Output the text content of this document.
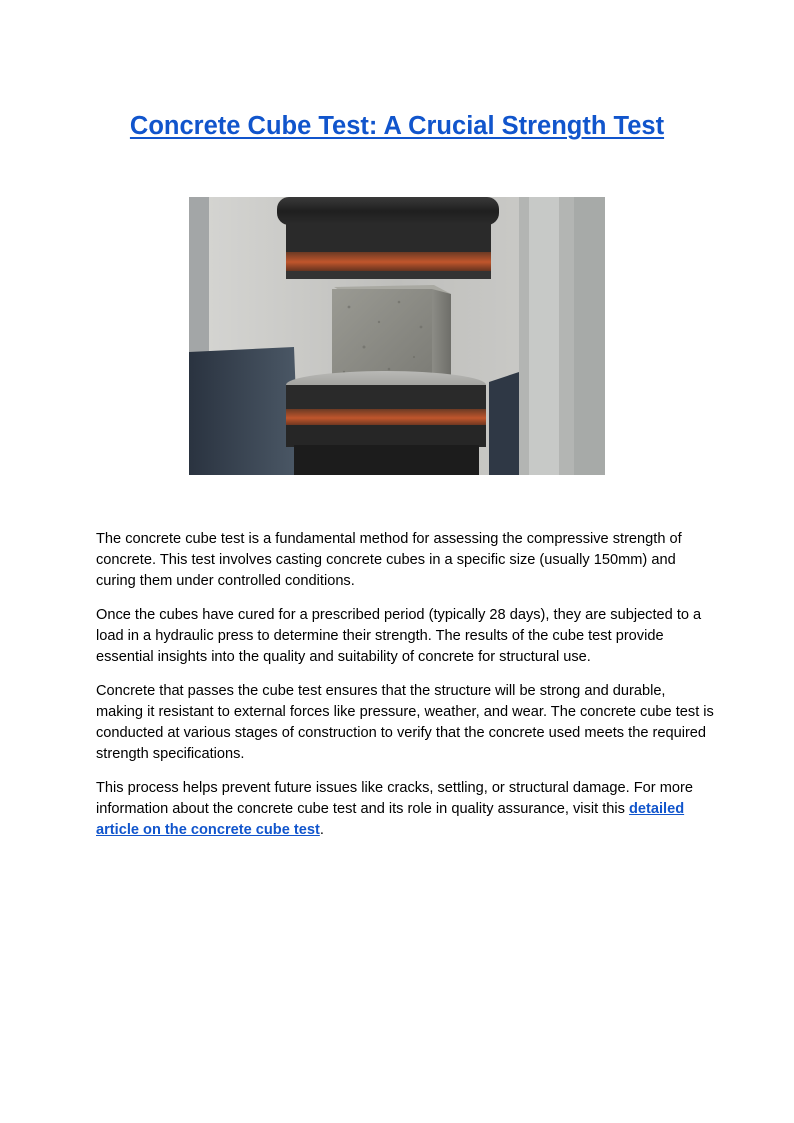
Concrete Cube Test: A Crucial Strength Test

The concrete cube test is a fundamental method for assessing the compressive strength of concrete. This test involves casting concrete cubes in a specific size (usually 150mm) and curing them under controlled conditions.

Once the cubes have cured for a prescribed period (typically 28 days), they are subjected to a load in a hydraulic press to determine their strength. The results of the cube test provide essential insights into the quality and suitability of concrete for structural use.

Concrete that passes the cube test ensures that the structure will be strong and durable, making it resistant to external forces like pressure, weather, and wear. The concrete cube test is conducted at various stages of construction to verify that the concrete used meets the required strength specifications.

This process helps prevent future issues like cracks, settling, or structural damage. For more information about the concrete cube test and its role in quality assurance, visit this detailed article on the concrete cube test.
